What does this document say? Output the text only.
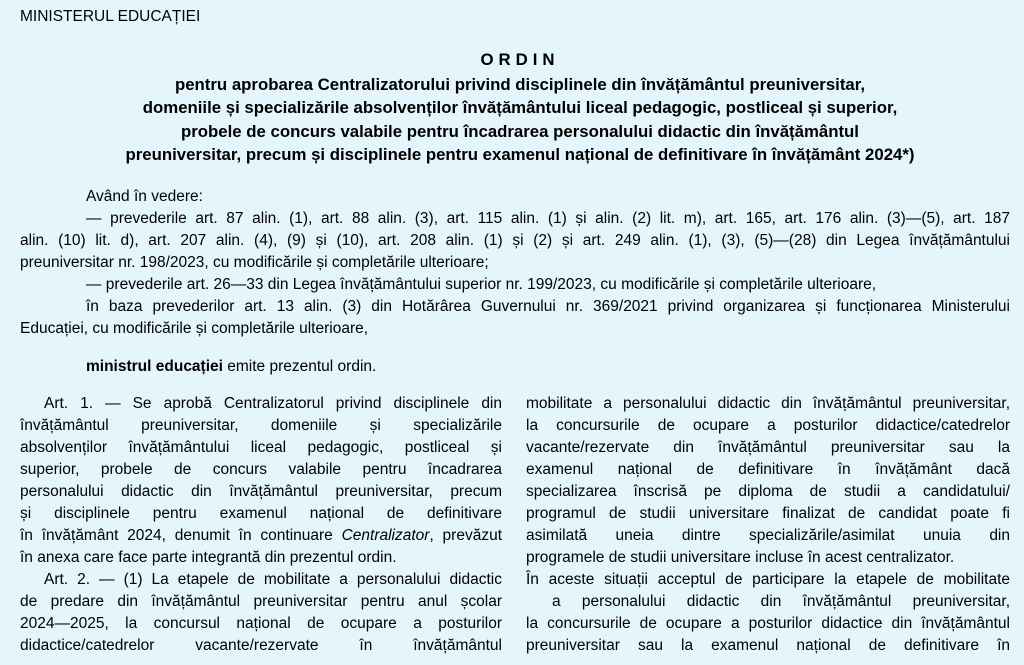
MINISTERUL EDUCAȚIEI
ORDIN
pentru aprobarea Centralizatorului privind disciplinele din învățământul preuniversitar,
domeniile și specializările absolvenților învățământului liceal pedagogic, postliceal și superior,
probele de concurs valabile pentru încadrarea personalului didactic din învățământul
preuniversitar, precum și disciplinele pentru examenul național de definitivare în învățământ 2024*)
Având în vedere:
— prevederile art. 87 alin. (1), art. 88 alin. (3), art. 115 alin. (1) și alin. (2) lit. m), art. 165, art. 176 alin. (3)—(5), art. 187
alin. (10) lit. d), art. 207 alin. (4), (9) și (10), art. 208 alin. (1) și (2) și art. 249 alin. (1), (3), (5)—(28) din Legea învățământului
preuniversitar nr. 198/2023, cu modificările și completările ulterioare;
— prevederile art. 26—33 din Legea învățământului superior nr. 199/2023, cu modificările și completările ulterioare,
în baza prevederilor art. 13 alin. (3) din Hotărârea Guvernului nr. 369/2021 privind organizarea și funcționarea Ministerului
Educației, cu modificările și completările ulterioare,
ministrul educației emite prezentul ordin.
Art. 1. — Se aprobă Centralizatorul privind disciplinele din
învățământul preuniversitar, domeniile și specializările
absolvenților învățământului liceal pedagogic, postliceal și
superior, probele de concurs valabile pentru încadrarea
personalului didactic din învățământul preuniversitar, precum
și disciplinele pentru examenul național de definitivare
în învățământ 2024, denumit în continuare Centralizator, prevăzut
în anexa care face parte integrantă din prezentul ordin.
Art. 2. — (1) La etapele de mobilitate a personalului didactic
de predare din învățământul preuniversitar pentru anul școlar
2024—2025, la concursul național de ocupare a posturilor
didactice/catedrelor vacante/rezervate în învățământul
mobilitate a personalului didactic din învățământul preuniversitar,
la concursurile de ocupare a posturilor didactice/catedrelor
vacante/rezervate din învățământul preuniversitar sau la
examenul național de definitivare în învățământ dacă
specializarea înscrisă pe diploma de studii a candidatului/
programul de studii universitare finalizat de candidat poate fi
asimilată uneia dintre specializările/asimilat unuia din
programele de studii universitare incluse în acest centralizator.
În aceste situații acceptul de participare la etapele de mobilitate
a personalului didactic din învățământul preuniversitar,
la concursurile de ocupare a posturilor didactice din învățământul
preuniversitar sau la examenul național de definitivare în
